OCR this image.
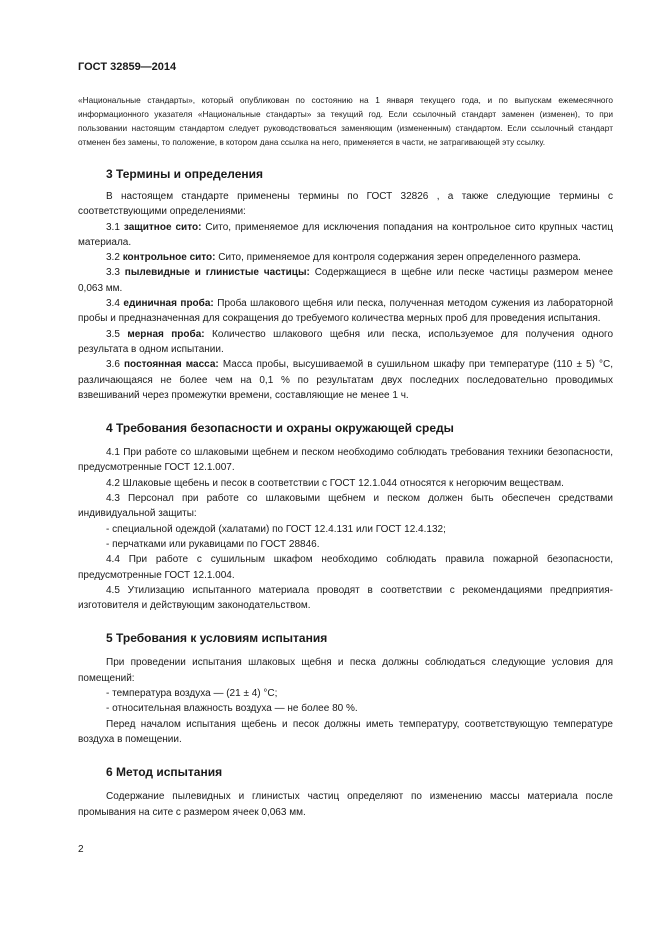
ГОСТ 32859—2014

«Национальные стандарты», который опубликован по состоянию на 1 января текущего года, и по выпускам ежемесячного информационного указателя «Национальные стандарты» за текущий год. Если ссылочный стандарт заменен (изменен), то при пользовании настоящим стандартом следует руководствоваться заменяющим (измененным) стандартом. Если ссылочный стандарт отменен без замены, то положение, в котором дана ссылка на него, применяется в части, не затрагивающей эту ссылку.

3 Термины и определения

В настоящем стандарте применены термины по ГОСТ 32826 , а также следующие термины с соответствующими определениями:

3.1 защитное сито: Сито, применяемое для исключения попадания на контрольное сито крупных частиц материала.

3.2 контрольное сито: Сито, применяемое для контроля содержания зерен определенного размера.

3.3 пылевидные и глинистые частицы: Содержащиеся в щебне или песке частицы размером менее 0,063 мм.

3.4 единичная проба: Проба шлакового щебня или песка, полученная методом сужения из лабораторной пробы и предназначенная для сокращения до требуемого количества мерных проб для проведения испытания.

3.5 мерная проба: Количество шлакового щебня или песка, используемое для получения одного результата в одном испытании.

3.6 постоянная масса: Масса пробы, высушиваемой в сушильном шкафу при температуре (110 ± 5) °С, различающаяся не более чем на 0,1 % по результатам двух последних последовательно проводимых взвешиваний через промежутки времени, составляющие не менее 1 ч.

4 Требования безопасности и охраны окружающей среды

4.1 При работе со шлаковыми щебнем и песком необходимо соблюдать требования техники безопасности, предусмотренные ГОСТ 12.1.007.

4.2 Шлаковые щебень и песок в соответствии с ГОСТ 12.1.044 относятся к негорючим веществам.

4.3 Персонал при работе со шлаковыми щебнем и песком должен быть обеспечен средствами индивидуальной защиты:

- специальной одеждой (халатами) по ГОСТ 12.4.131 или ГОСТ 12.4.132;

- перчатками или рукавицами по ГОСТ 28846.

4.4 При работе с сушильным шкафом необходимо соблюдать правила пожарной безопасности, предусмотренные ГОСТ 12.1.004.

4.5 Утилизацию испытанного материала проводят в соответствии с рекомендациями предприятия-изготовителя и действующим законодательством.

5 Требования к условиям испытания

При проведении испытания шлаковых щебня и песка должны соблюдаться следующие условия для помещений:

- температура воздуха — (21 ± 4) °С;

- относительная влажность воздуха — не более 80 %.

Перед началом испытания щебень и песок должны иметь температуру, соответствующую температуре воздуха в помещении.

6 Метод испытания

Содержание пылевидных и глинистых частиц определяют по изменению массы материала после промывания на сите с размером ячеек 0,063 мм.

2
